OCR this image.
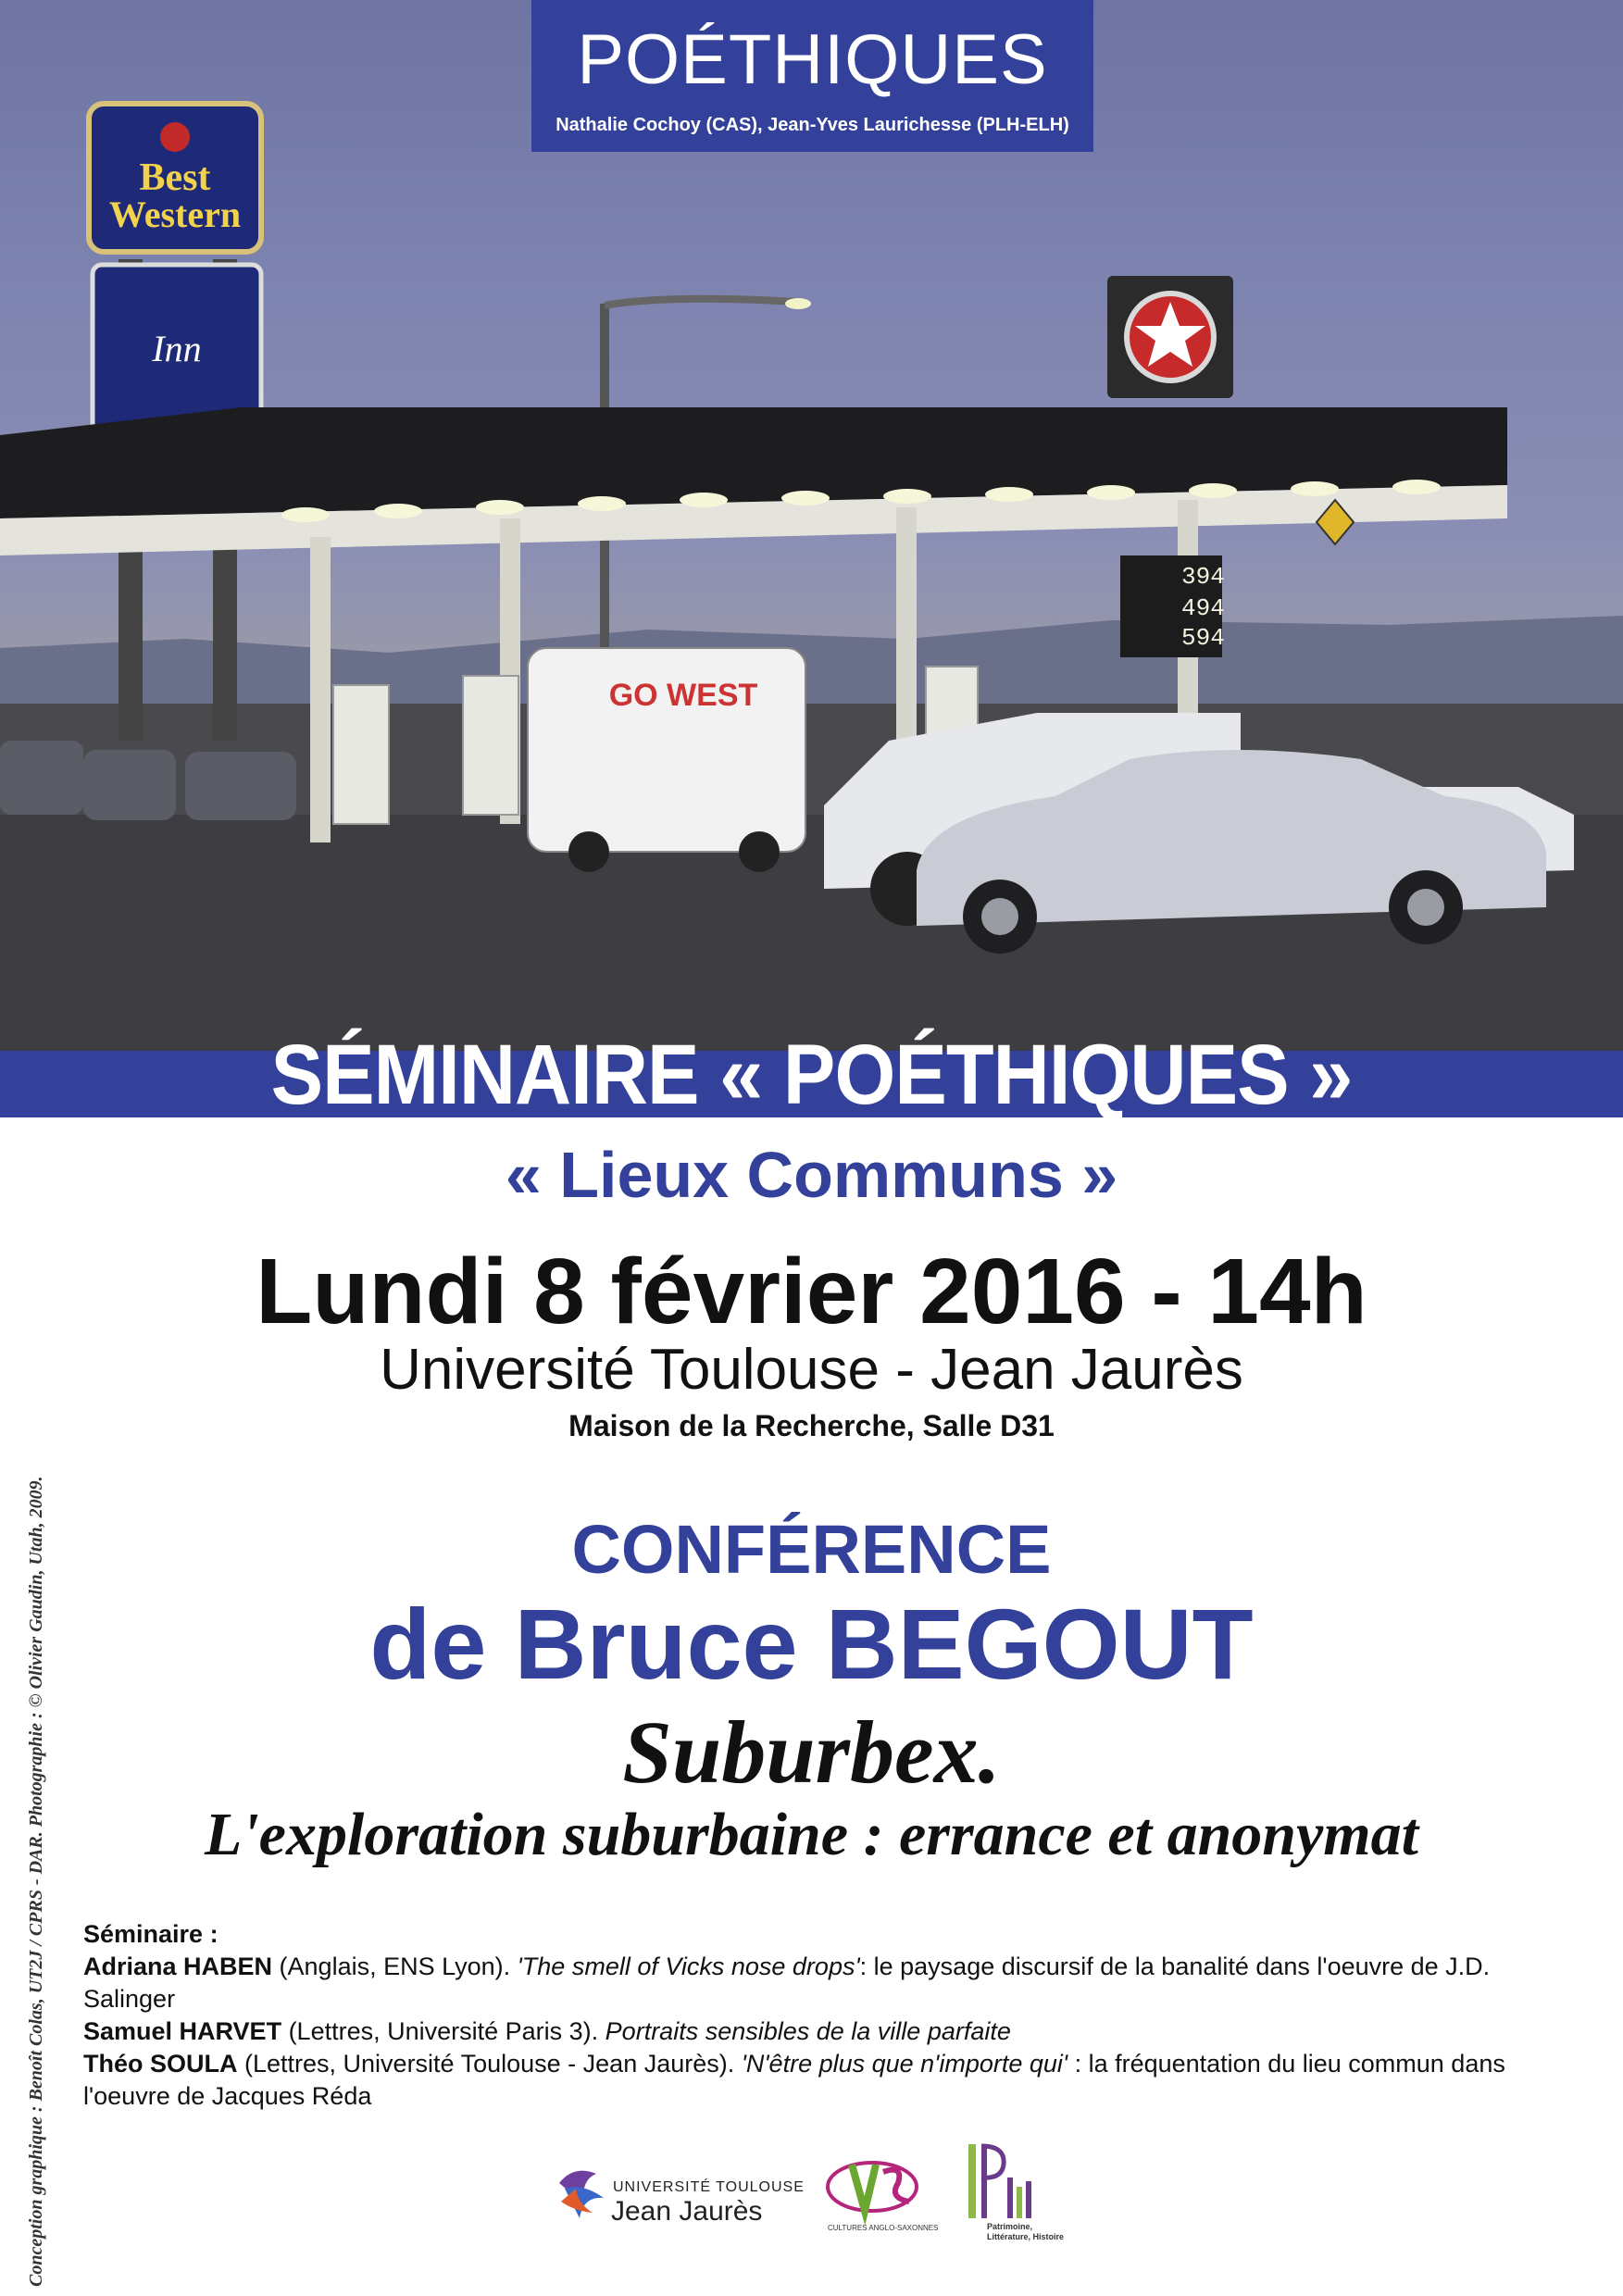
Best
Western
Inn
394
494
594
GO WEST
POÉTHIQUES
Nathalie Cochoy (CAS), Jean-Yves Laurichesse (PLH-ELH)
SÉMINAIRE « POÉTHIQUES »
« Lieux Communs »
Lundi 8 février 2016 - 14h
Université Toulouse - Jean Jaurès
Maison de la Recherche, Salle D31
CONFÉRENCE
de Bruce BEGOUT
Suburbex.
L'exploration suburbaine : errance et anonymat
Séminaire :
Adriana HABEN (Anglais, ENS Lyon). 'The smell of Vicks nose drops': le paysage discursif de la banalité dans l'oeuvre de J.D. Salinger
Samuel HARVET (Lettres, Université Paris 3). Portraits sensibles de la ville parfaite
Théo SOULA (Lettres, Université Toulouse - Jean Jaurès). 'N'être plus que n'importe qui' : la fréquentation du lieu commun dans l'oeuvre de Jacques Réda
Conception graphique : Benoît Colas, UT2J / CPRS - DAR. Photographie : © Olivier Gaudin, Utah, 2009.	UNIVERSITÉ TOULOUSE
Jean Jaurès
CULTURES ANGLO-SAXONNES	Patrimoine,
Littérature, Histoire
